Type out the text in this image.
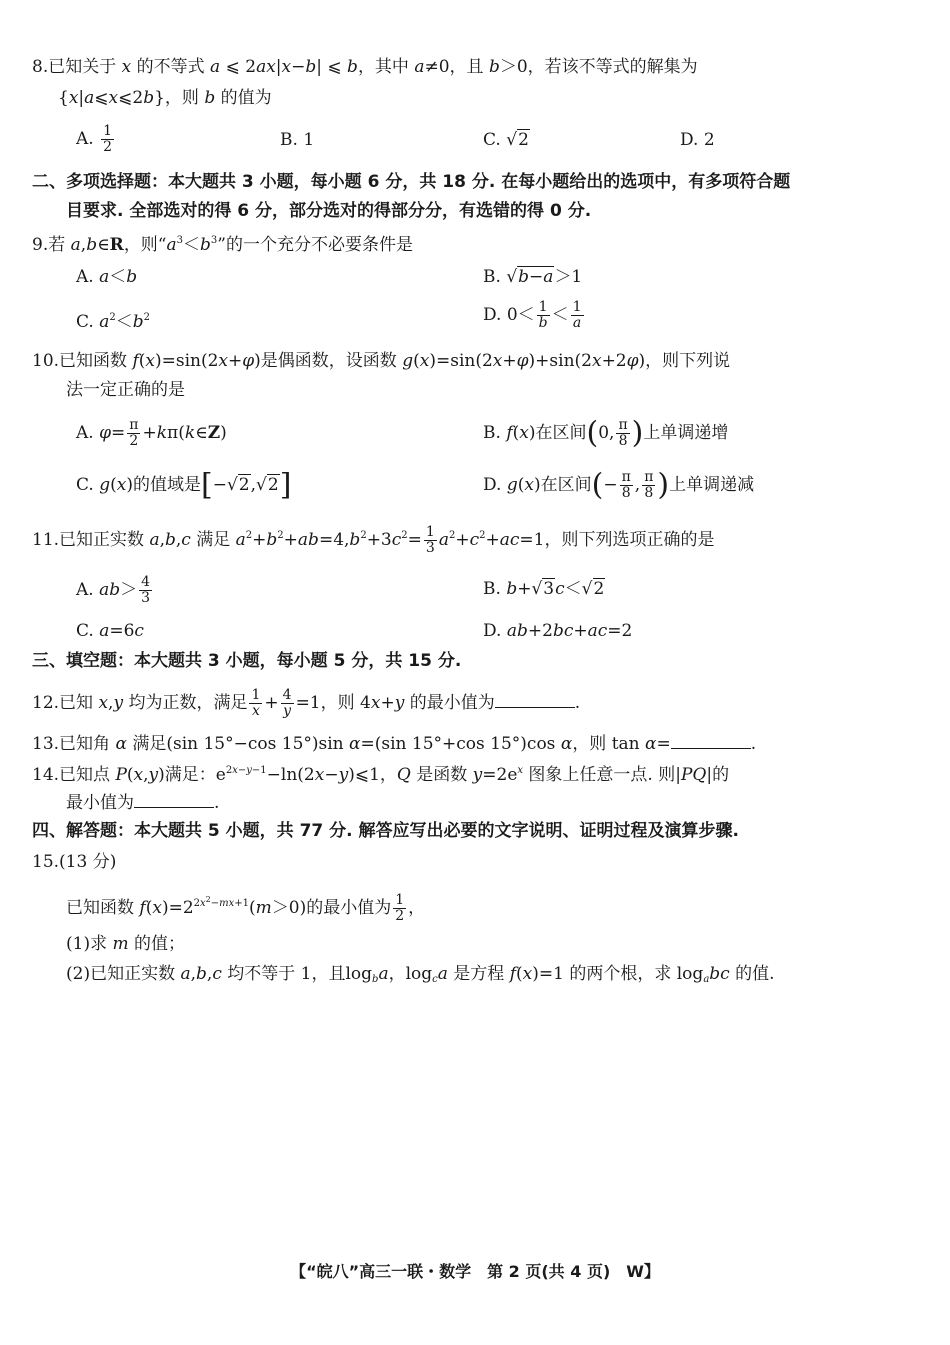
8.已知关于 x 的不等式 a ⩽ 2ax|x−b| ⩽ b，其中 a≠0，且 b＞0，若该不等式的解集为
{x|a⩽x⩽2b}，则 b 的值为
A. $\frac{1}{2}$	B. 1	C. √2	D. 2
二、多项选择题：本大题共 3 小题，每小题 6 分，共 18 分. 在每小题给出的选项中，有多项符合题
目要求. 全部选对的得 6 分，部分选对的得部分分，有选错的得 0 分.
9.若 a,b∈R，则“$a^3<b^3$”的一个充分不必要条件是
A. a＜b	B. √b−a＞1
C. $a^2<b^2$	D. $0< \frac{1}{b} < \frac{1}{a}$
10.已知函数 f(x)=sin(2x+φ)是偶函数，设函数 g(x)=sin(2x+φ)+sin(2x+2φ)，则下列说
法一定正确的是
A. $\varphi= \frac{\pi}{2}$ +kπ(k∈Z)	B. f(x)在区间(0, $\frac{\pi}{8}$ )上单调递增
C. g(x)的值域是[−√2,√2]	D. g(x)在区间(− $\frac{\pi}{8}$ , $\frac{\pi}{8}$ )上单调递减
11.已知正实数 a,b,c 满足 $a^2+b^2+ab=4,b^2+3c^2= \frac{1}{3} a^2+c^2+ac=1$，则下列选项正确的是
A. $ab> \frac{4}{3}$	B. b+√3c＜√2
C. a=6c	D. ab+2bc+ac=2
三、填空题：本大题共 3 小题，每小题 5 分，共 15 分.
12.已知 x,y 均为正数，满足 $\frac{1}{x} + \frac{4}{y} =1$，则 4x+y 的最小值为	.
13.已知角 α 满足(sin 15°−cos 15°)sin α=(sin 15°+cos 15°)cos α，则 tan α=	.
14.已知点 P(x,y)满足：$e^{2x-y-1}-\ln(2x-y)⩽1$，Q 是函数 $y=2e^x$ 图象上任意一点. 则|PQ|的
最小值为	.
四、解答题：本大题共 5 小题，共 77 分. 解答应写出必要的文字说明、证明过程及演算步骤.
15.(13 分)
已知函数 $f(x)=2^{2x^2-mx+1}(m>0)$的最小值为 $\frac{1}{2}$ ，
(1)求 m 的值；
(2)已知正实数 a,b,c 均不等于 1，且$\log_ba$，$\log_ca$ 是方程 f(x)=1 的两个根，求 $\log_abc$ 的值.
【“皖八”高三一联・数学　第 2 页(共 4 页)　W】
